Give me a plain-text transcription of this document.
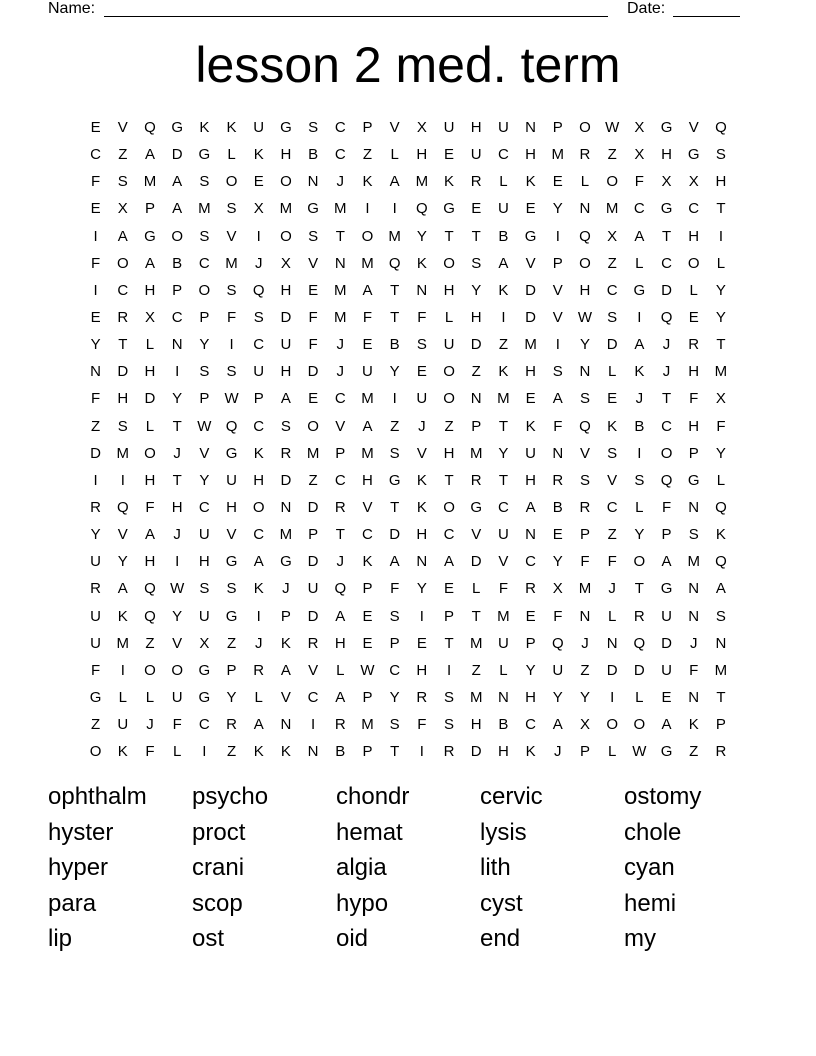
Name:	Date:
lesson 2 med. term
E	V	Q	G	K	K	U	G	S	C	P	V	X	U	H	U	N	P	O W	X	G	V	Q
C	Z	A	D	G	L	K	H	B	C	Z	L	H	E	U	C	H	M	R	Z	X	H	G	S
F	S	M	A	S	O	E	O	N	J	K	A	M	K	R	L	K	E	L	O	F	X	X	H
E	X	P	A	M	S	X	M	G	M	I	I	Q	G	E	U	E	Y	N	M	C	G	C	T
I	A	G	O	S	V	I	O	S	T	O	M	Y	T	T	B	G	I	Q	X	A	T	H	I
F	O	A	B	C	M	J	X	V	N	M	Q	K	O	S	A	V	P	O	Z	L	C	O	L
I	C	H	P	O	S	Q	H	E	M	A	T	N	H	Y	K	D	V	H	C	G	D	L	Y
E	R	X	C	P	F	S	D	F	M	F	T	F	L	H	I	D	V	W	S	I	Q	E	Y
Y	T	L	N	Y	I	C	U	F	J	E	B	S	U	D	Z	M	I	Y	D	A	J	R	T
N	D	H	I	S	S	U	H	D	J	U	Y	E	O	Z	K	H	S	N	L	K	J	H	M
F	H	D	Y	P	W	P	A	E	C	M	I	U	O	N	M	E	A	S	E	J	T	F	X
Z	S	L	T	W Q	C	S	O	V	A	Z	J	Z	P	T	K	F	Q	K	B	C	H	F
D	M	O	J	V	G	K	R	M	P	M	S	V	H	M	Y	U	N	V	S	I	O	P	Y
I	I	H	T	Y	U	H	D	Z	C	H	G	K	T	R	T	H	R	S	V	S	Q	G	L
R	Q	F	H	C	H	O	N	D	R	V	T	K	O	G	C	A	B	R	C	L	F	N	Q
Y	V	A	J	U	V	C	M	P	T	C	D	H	C	V	U	N	E	P	Z	Y	P	S	K
U	Y	H	I	H	G	A	G	D	J	K	A	N	A	D	V	C	Y	F	F	O	A	M	Q
R	A	Q W	S	S	K	J	U	Q	P	F	Y	E	L	F	R	X	M	J	T	G	N	A
U	K	Q	Y	U	G	I	P	D	A	E	S	I	P	T	M	E	F	N	L	R	U	N	S
U	M	Z	V	X	Z	J	K	R	H	E	P	E	T	M	U	P	Q	J	N	Q	D	J	N
F	I	O	O	G	P	R	A	V	L	W C	H	I	Z	L	Y	U	Z	D	D	U	F	M
G	L	L	U	G	Y	L	V	C	A	P	Y	R	S	M	N	H	Y	Y	I	L	E	N	T
Z	U	J	F	C	R	A	N	I	R	M	S	F	S	H	B	C	A	X	O	O	A	K	P
O	K	F	L	I	Z	K	K	N	B	P	T	I	R	D	H	K	J	P	L	W G	Z	R
ophthalm	psycho	chondr	cervic	ostomy
hyster	proct	hemat	lysis	chole
hyper	crani	algia	lith	cyan
para	scop	hypo	cyst	hemi
lip	ost	oid	end	my
